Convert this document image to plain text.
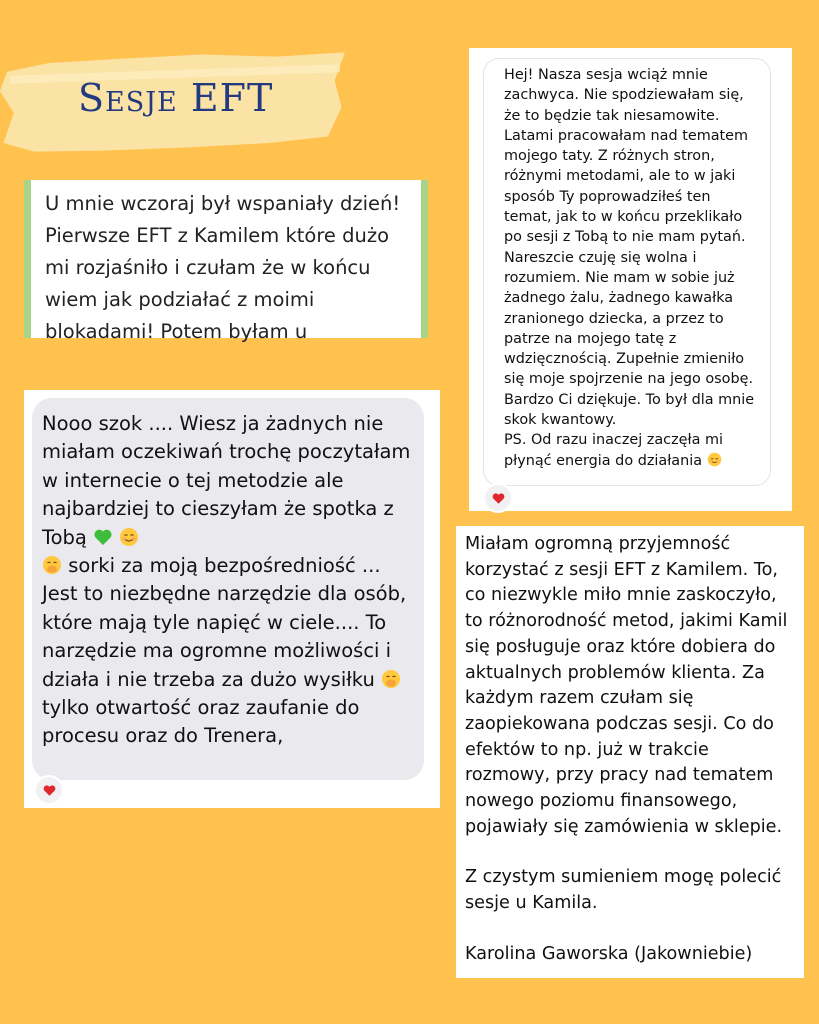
Sesje EFT

U mnie wczoraj był wspaniały dzień! Pierwsze EFT z Kamilem które dużo mi rozjaśniło i czułam że w końcu wiem jak podziałać z moimi blokadami! Potem byłam u

Hej! Nasza sesja wciąż mnie zachwyca. Nie spodziewałam się, że to będzie tak niesamowite. Latami pracowałam nad tematem mojego taty. Z różnych stron, różnymi metodami, ale to w jaki sposób Ty poprowadziłeś ten temat, jak to w końcu przeklikało po sesji z Tobą to nie mam pytań. Nareszcie czuję się wolna i rozumiem. Nie mam w sobie już żadnego żalu, żadnego kawałka zranionego dziecka, a przez to patrze na mojego tatę z wdzięcznością. Zupełnie zmieniło się moje spojrzenie na jego osobę. Bardzo Ci dziękuje. To był dla mnie skok kwantowy.

PS. Od razu inaczej zaczęła mi płynąć energia do działania

Nooo szok .... Wiesz ja żadnych nie miałam oczekiwań trochę poczytałam w internecie o tej metodzie ale najbardziej to cieszyłam że spotka z Tobą
sorki za moją bezpośredniość ... Jest to niezbędne narzędzie dla osób, które mają tyle napięć w ciele.... To narzędzie ma ogromne możliwości i działa i nie trzeba za dużo wysiłku  tylko otwartość oraz zaufanie do procesu oraz do Trenera,

Miałam ogromną przyjemność korzystać z sesji EFT z Kamilem. To, co niezwykle miło mnie zaskoczyło, to różnorodność metod, jakimi Kamil się posługuje oraz które dobiera do aktualnych problemów klienta. Za każdym razem czułam się zaopiekowana podczas sesji. Co do efektów to np. już w trakcie rozmowy, przy pracy nad tematem nowego poziomu finansowego, pojawiały się zamówienia w sklepie.

Z czystym sumieniem mogę polecić sesje u Kamila.

Karolina Gaworska (Jakowniebie)
